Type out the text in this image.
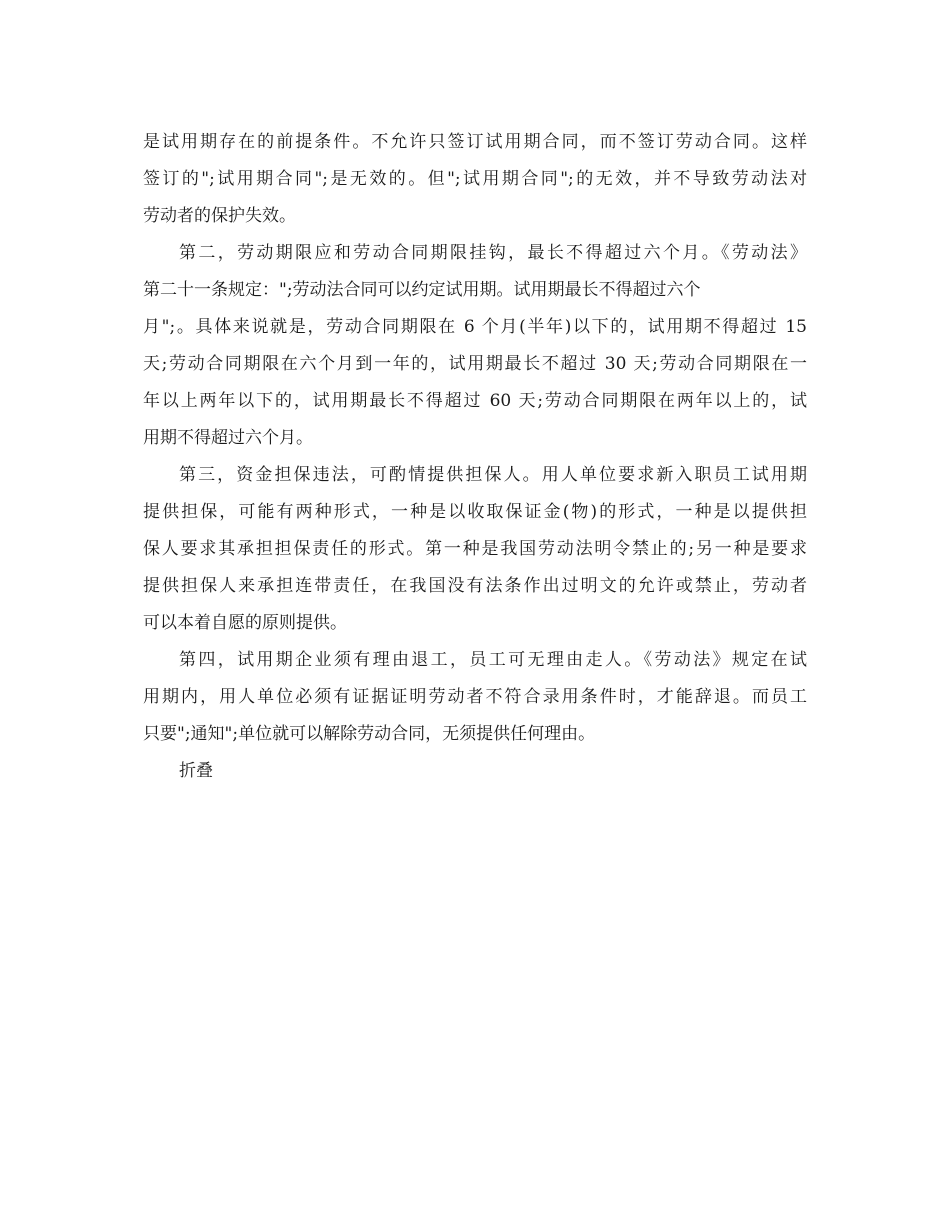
是试用期存在的前提条件。不允许只签订试用期合同，而不签订劳动合同。这样
签订的";试用期合同";是无效的。但";试用期合同";的无效，并不导致劳动法对
劳动者的保护失效。
第二，劳动期限应和劳动合同期限挂钩，最长不得超过六个月。《劳动法》
第二十一条规定：";劳动法合同可以约定试用期。试用期最长不得超过六个
月";。具体来说就是，劳动合同期限在 6 个月(半年)以下的，试用期不得超过 15
天;劳动合同期限在六个月到一年的，试用期最长不超过 30 天;劳动合同期限在一
年以上两年以下的，试用期最长不得超过 60 天;劳动合同期限在两年以上的，试
用期不得超过六个月。
第三，资金担保违法，可酌情提供担保人。用人单位要求新入职员工试用期
提供担保，可能有两种形式，一种是以收取保证金(物)的形式，一种是以提供担
保人要求其承担担保责任的形式。第一种是我国劳动法明令禁止的;另一种是要求
提供担保人来承担连带责任，在我国没有法条作出过明文的允许或禁止，劳动者
可以本着自愿的原则提供。
第四，试用期企业须有理由退工，员工可无理由走人。《劳动法》规定在试
用期内，用人单位必须有证据证明劳动者不符合录用条件时，才能辞退。而员工
只要";通知";单位就可以解除劳动合同，无须提供任何理由。
折叠
